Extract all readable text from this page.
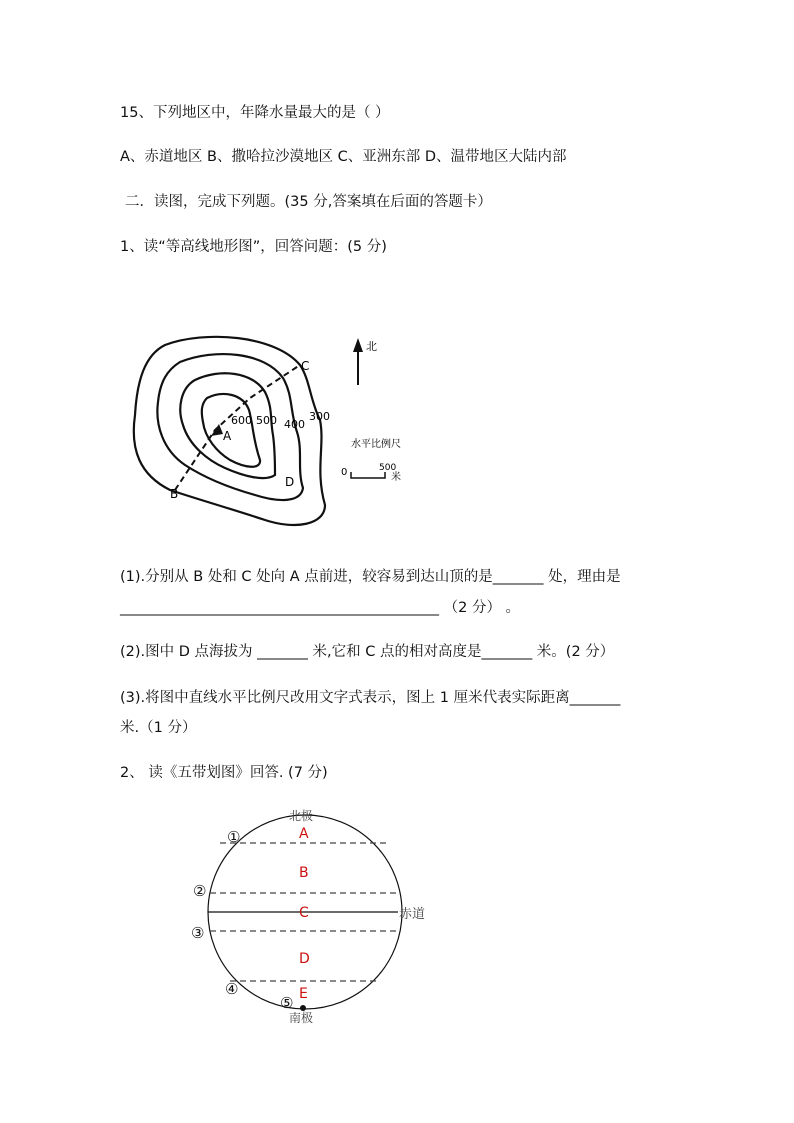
15、下列地区中，年降水量最大的是（ ）
A、赤道地区 B、撒哈拉沙漠地区 C、亚洲东部 D、温带地区大陆内部
二．读图，完成下列题。(35 分,答案填在后面的答题卡）
1、读“等高线地形图”，回答问题：(5 分)
A
B
C
D
600 500 400
300
北
水平比例尺
0	500
米
(1).分别从 B 处和 C 处向 A 点前进，较容易到达山顶的是_______ 处，理由是
____________________________________________ （2 分） 。
(2).图中 D 点海拔为 _______ 米,它和 C 点的相对高度是_______ 米。(2 分）
(3).将图中直线水平比例尺改用文字式表示，图上 1 厘米代表实际距离_______
米.（1 分）
2、 读《五带划图》回答. (7 分)
北极
南极
赤道
A
B
C
D
E
①
②
③
④
⑤
